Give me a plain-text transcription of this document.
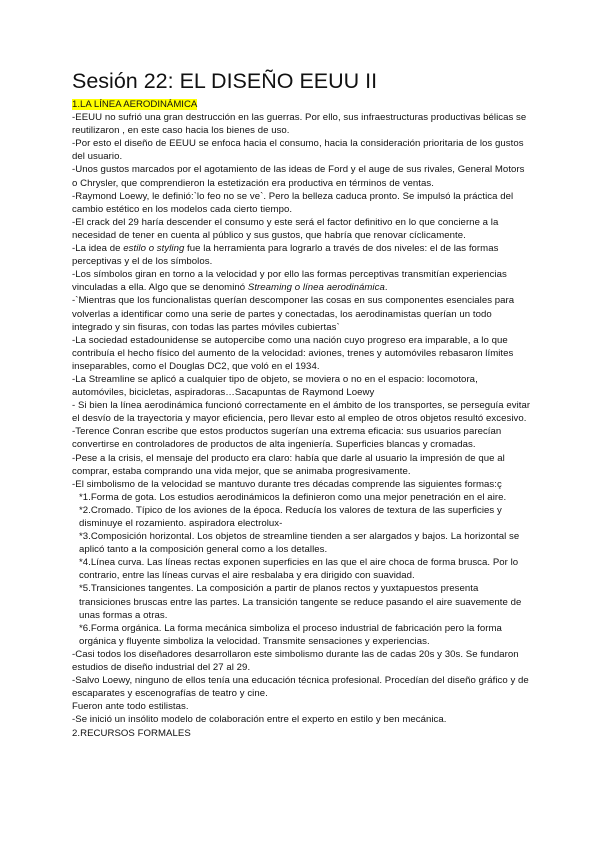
Sesión 22: EL DISEÑO EEUU II

1.LA LÍNEA AERODINÁMICA

-EEUU no sufrió una gran destrucción en las guerras. Por ello, sus infraestructuras productivas bélicas se reutilizaron , en este caso hacia los bienes de uso.

-Por esto el diseño de EEUU se enfoca hacia el consumo, hacia la consideración prioritaria de los gustos del usuario.

-Unos gustos marcados por el agotamiento de las ideas de Ford y el auge de sus rivales, General Motors o Chrysler, que comprendieron la estetización era productiva en términos de ventas.

-Raymond Loewy, le definió:`lo feo no se ve`. Pero la belleza caduca pronto. Se impulsó la práctica del cambio estético en los modelos cada cierto tiempo.

-El crack del 29 haría descender el consumo y este será el factor definitivo en lo que concierne a la necesidad de tener en cuenta al público y sus gustos, que habría que renovar cíclicamente.

-La idea de estilo o styling fue la herramienta para lograrlo a través de dos niveles: el de las formas perceptivas y el de los símbolos.

-Los símbolos giran en torno a la velocidad y por ello las formas perceptivas transmitían experiencias vinculadas a ella. Algo que se denominó Streaming o línea aerodinámica.

-`Mientras que los funcionalistas querían descomponer las cosas en sus componentes esenciales para volverlas a identificar como una serie de partes y conectadas, los aerodinamistas querían un todo integrado y sin fisuras, con todas las partes móviles cubiertas`

-La sociedad estadounidense se autopercibe como una nación cuyo progreso era imparable, a lo que contribuía el hecho físico del aumento de la velocidad: aviones, trenes y automóviles rebasaron límites inseparables, como el Douglas DC2, que voló en el 1934.

-La Streamline se aplicó a cualquier tipo de objeto, se moviera o no en el espacio: locomotora, automóviles, bicicletas, aspiradoras…Sacapuntas de Raymond Loewy

- Si bien la línea aerodinámica funcionó correctamente en el ámbito de los transportes, se perseguía evitar el desvío de la trayectoria y mayor eficiencia, pero llevar esto al empleo de otros objetos resultó excesivo.

-Terence Conran escribe que estos productos sugerían una extrema eficacia: sus usuarios parecían convertirse en controladores de productos de alta ingeniería. Superficies blancas y cromadas.

-Pese a la crisis, el mensaje del producto era claro: había que darle al usuario la impresión de que al comprar, estaba comprando una vida mejor, que se animaba progresivamente.

-El simbolismo de la velocidad se mantuvo durante tres décadas comprende las siguientes formas:ç

*1.Forma de gota. Los estudios aerodinámicos la definieron como una mejor penetración en el aire.

*2.Cromado. Típico de los aviones de la época. Reducía los valores de textura de las superficies y disminuye el rozamiento. aspiradora electrolux-

*3.Composición horizontal. Los objetos de streamline tienden a ser alargados y bajos. La horizontal se aplicó tanto a la composición general como a los detalles.

*4.Línea curva. Las líneas rectas exponen superficies en las que el aire choca de forma brusca. Por lo contrario, entre las líneas curvas el aire resbalaba y era dirigido con suavidad.

*5.Transiciones tangentes. La composición a partir de planos rectos y yuxtapuestos presenta transiciones bruscas entre las partes. La transición tangente se reduce pasando el aire suavemente de unas formas a otras.

*6.Forma orgánica. La forma mecánica simboliza el proceso industrial de fabricación pero la forma orgánica y fluyente simboliza la velocidad. Transmite sensaciones y experiencias.

-Casi todos los diseñadores desarrollaron este simbolismo durante las de cadas 20s y 30s. Se fundaron estudios de diseño industrial del 27 al 29.

-Salvo Loewy, ninguno de ellos tenía una educación técnica profesional. Procedían del diseño gráfico y de escaparates y escenografías de teatro y cine.

Fueron ante todo estilistas.

-Se inició un insólito modelo de colaboración entre el experto en estilo y ben mecánica.

2.RECURSOS FORMALES
